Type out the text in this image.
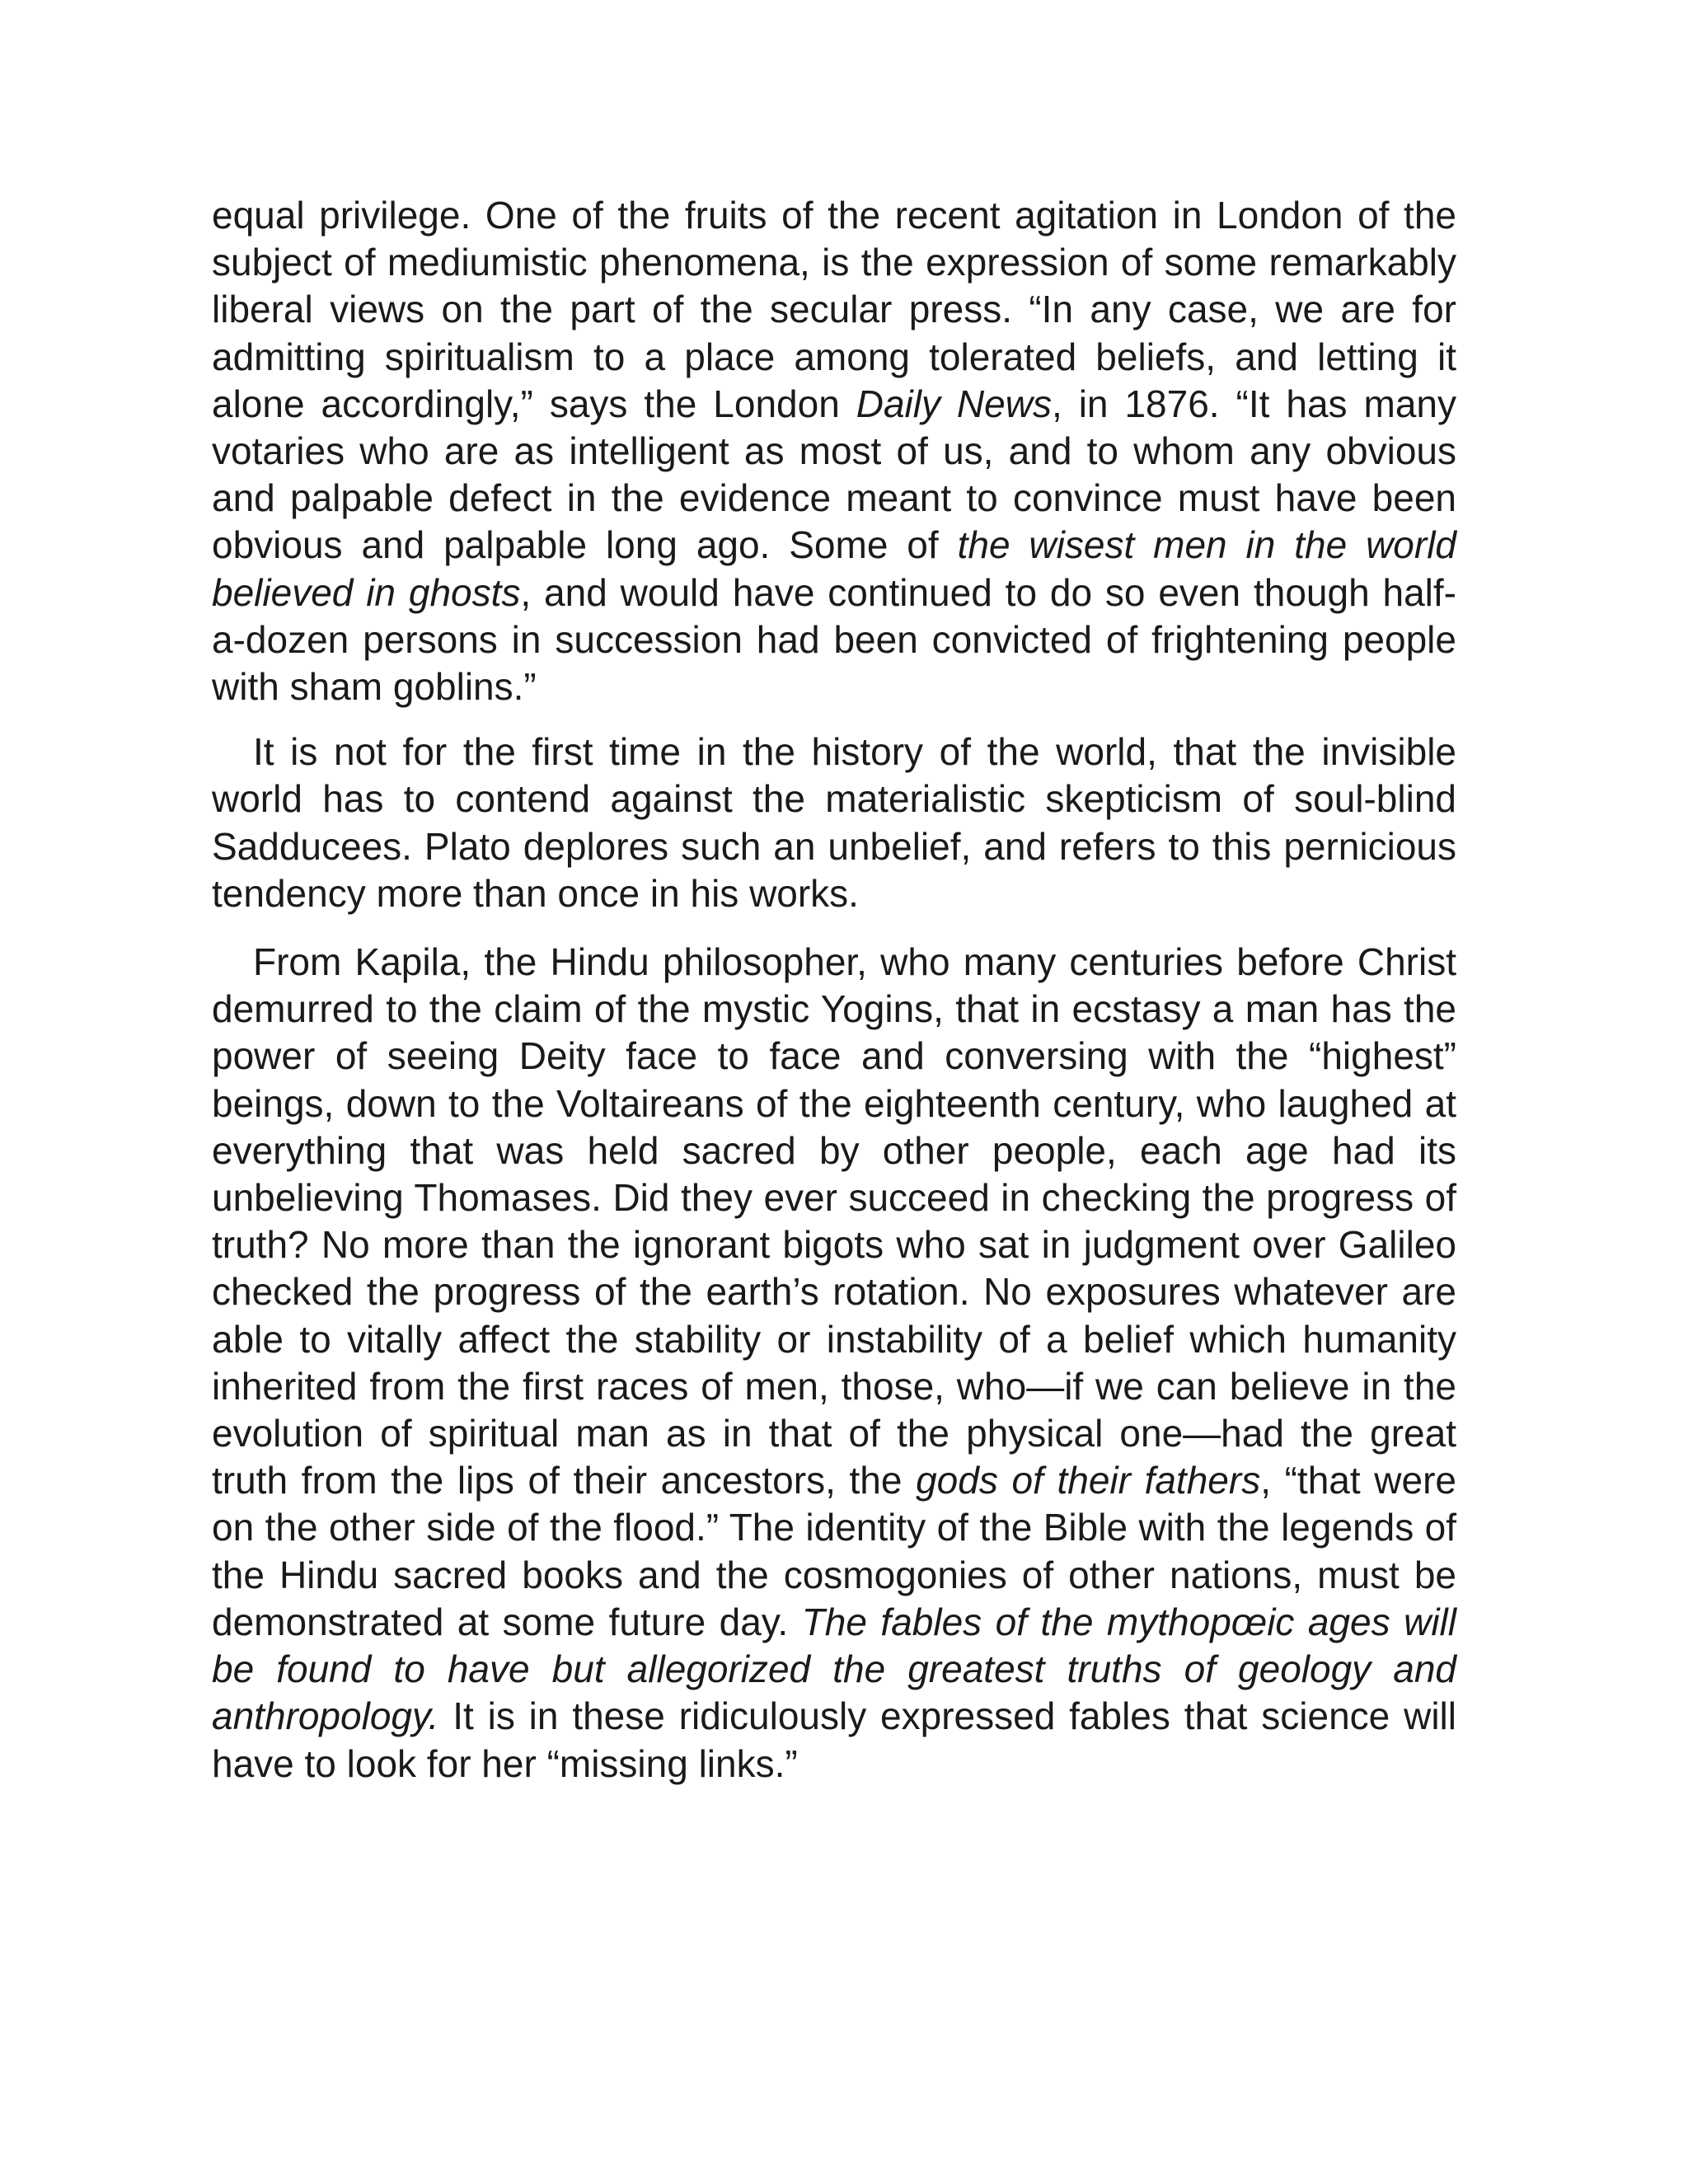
equal privilege. One of the fruits of the recent agitation in London of the subject of mediumistic phenomena, is the expression of some remarkably liberal views on the part of the secular press. “In any case, we are for admitting spiritualism to a place among tolerated beliefs, and letting it alone accordingly,” says the London Daily News, in 1876. “It has many votaries who are as intelligent as most of us, and to whom any obvious and palpable defect in the evidence meant to convince must have been obvious and palpable long ago. Some of the wisest men in the world believed in ghosts, and would have continued to do so even though half-a-dozen persons in succession had been convicted of frightening people with sham goblins.”

It is not for the first time in the history of the world, that the invisible world has to contend against the materialistic skepticism of soul-blind Sadducees. Plato deplores such an unbelief, and refers to this pernicious tendency more than once in his works.

From Kapila, the Hindu philosopher, who many centuries before Christ demurred to the claim of the mystic Yogins, that in ecstasy a man has the power of seeing Deity face to face and conversing with the “highest” beings, down to the Voltaireans of the eighteenth century, who laughed at everything that was held sacred by other people, each age had its unbelieving Thomases. Did they ever succeed in checking the progress of truth? No more than the ignorant bigots who sat in judgment over Galileo checked the progress of the earth’s rotation. No exposures whatever are able to vitally affect the stability or instability of a belief which humanity inherited from the first races of men, those, who—if we can believe in the evolution of spiritual man as in that of the physical one—had the great truth from the lips of their ancestors, the gods of their fathers, “that were on the other side of the flood.” The identity of the Bible with the legends of the Hindu sacred books and the cosmogonies of other nations, must be demonstrated at some future day. The fables of the mythopœic ages will be found to have but allegorized the greatest truths of geology and anthropology. It is in these ridiculously expressed fables that science will have to look for her “missing links.”
